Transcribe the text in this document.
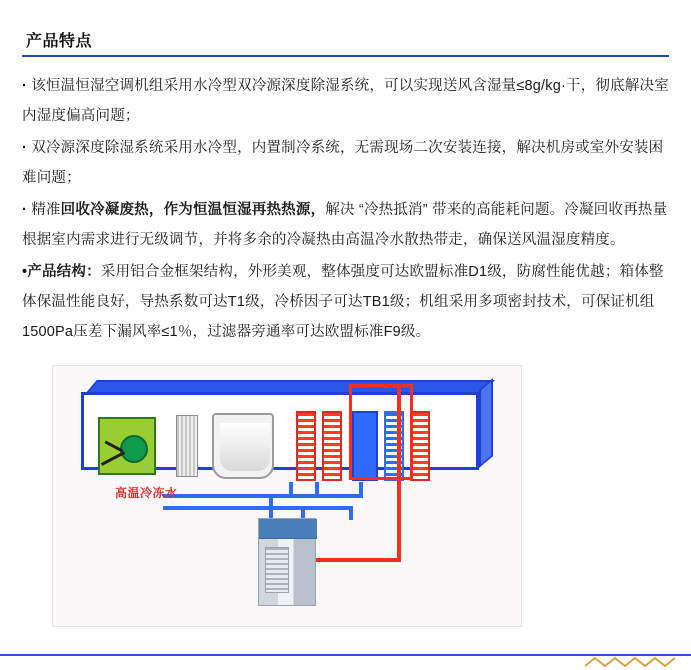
产品特点

· 该恒温恒湿空调机组采用水冷型双冷源深度除湿系统，可以实现送风含湿量≤8g/kg·干，彻底解决室内湿度偏高问题；

· 双冷源深度除湿系统采用水冷型，内置制冷系统，无需现场二次安装连接，解决机房或室外安装困难问题；

· 精准回收冷凝废热，作为恒温恒湿再热热源，解决 “冷热抵消” 带来的高能耗问题。冷凝回收再热量根据室内需求进行无级调节，并将多余的冷凝热由高温冷水散热带走，确保送风温湿度精度。

•产品结构：采用铝合金框架结构，外形美观，整体强度可达欧盟标准D1级，防腐性能优越；箱体整体保温性能良好，导热系数可达T1级，冷桥因子可达TB1级；机组采用多项密封技术，可保证机组1500Pa压差下漏风率≤1％，过滤器旁通率可达欧盟标准F9级。

高温冷冻水
